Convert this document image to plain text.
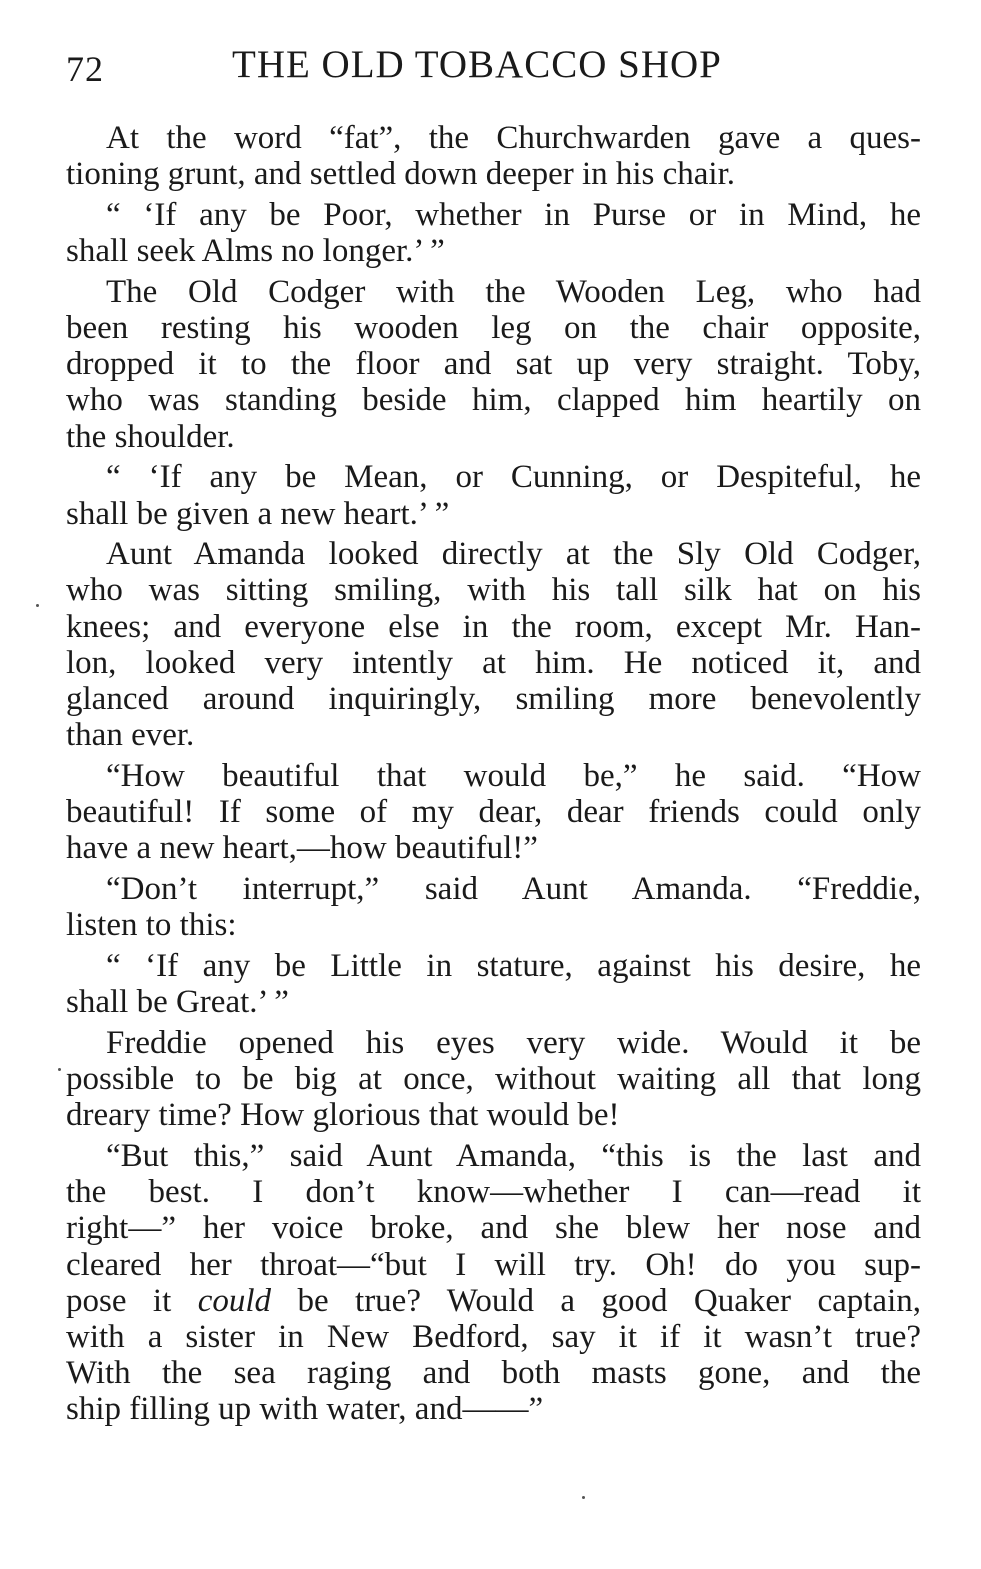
72	THE OLD TOBACCO SHOP
At the word “fat”, the Churchwarden gave a ques-
tioning grunt, and settled down deeper in his chair.
“ ‘If any be Poor, whether in Purse or in Mind, he
shall seek Alms no longer.’ ”
The Old Codger with the Wooden Leg, who had
been resting his wooden leg on the chair opposite,
dropped it to the floor and sat up very straight. Toby,
who was standing beside him, clapped him heartily on
the shoulder.
“ ‘If any be Mean, or Cunning, or Despiteful, he
shall be given a new heart.’ ”
Aunt Amanda looked directly at the Sly Old Codger,
who was sitting smiling, with his tall silk hat on his
knees; and everyone else in the room, except Mr. Han-
lon, looked very intently at him. He noticed it, and
glanced around inquiringly, smiling more benevolently
than ever.
“How beautiful that would be,” he said. “How
beautiful! If some of my dear, dear friends could only
have a new heart,—how beautiful!”
“Don’t interrupt,” said Aunt Amanda. “Freddie,
listen to this:
“ ‘If any be Little in stature, against his desire, he
shall be Great.’ ”
Freddie opened his eyes very wide. Would it be
possible to be big at once, without waiting all that long
dreary time? How glorious that would be!
“But this,” said Aunt Amanda, “this is the last and
the best. I don’t know—whether I can—read it
right—” her voice broke, and she blew her nose and
cleared her throat—“but I will try. Oh! do you sup-
pose it could be true? Would a good Quaker captain,
with a sister in New Bedford, say it if it wasn’t true?
With the sea raging and both masts gone, and the
ship filling up with water, and——”
